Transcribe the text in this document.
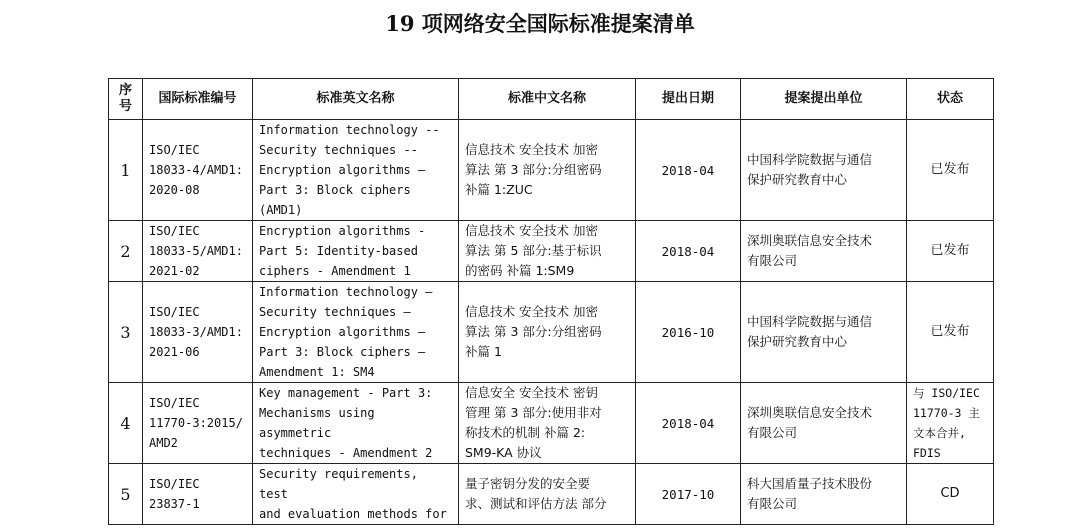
19 项网络安全国际标准提案清单
序号	国际标准编号	标准英文名称	标准中文名称	提出日期	提案提出单位	状态
1	ISO/IEC
18033-4/AMD1:
2020-08	Information technology --
Security techniques --
Encryption algorithms —
Part 3: Block ciphers (AMD1)	信息技术 安全技术 加密
算法 第 3 部分:分组密码
补篇 1:ZUC	2018-04	中国科学院数据与通信
保护研究教育中心	已发布
2	ISO/IEC
18033-5/AMD1:
2021-02	Encryption algorithms -
Part 5: Identity-based
ciphers - Amendment 1	信息技术 安全技术 加密
算法 第 5 部分:基于标识
的密码 补篇 1:SM9	2018-04	深圳奥联信息安全技术
有限公司	已发布
3	ISO/IEC
18033-3/AMD1:
2021-06	Information technology —
Security techniques —
Encryption algorithms —
Part 3: Block ciphers —
Amendment 1: SM4	信息技术 安全技术 加密
算法 第 3 部分:分组密码
补篇 1	2016-10	中国科学院数据与通信
保护研究教育中心	已发布
4	ISO/IEC
11770-3:2015/
AMD2	Key management - Part 3:
Mechanisms using asymmetric
techniques - Amendment 2	信息安全 安全技术 密钥
管理 第 3 部分:使用非对
称技术的机制 补篇 2:
SM9-KA 协议	2018-04	深圳奥联信息安全技术
有限公司	与 ISO/IEC
11770-3 主
文本合并,
FDIS
5	ISO/IEC
23837-1	Security requirements, test
and evaluation methods for	量子密钥分发的安全要
求、测试和评估方法 部分	2017-10	科大国盾量子技术股份
有限公司	CD
